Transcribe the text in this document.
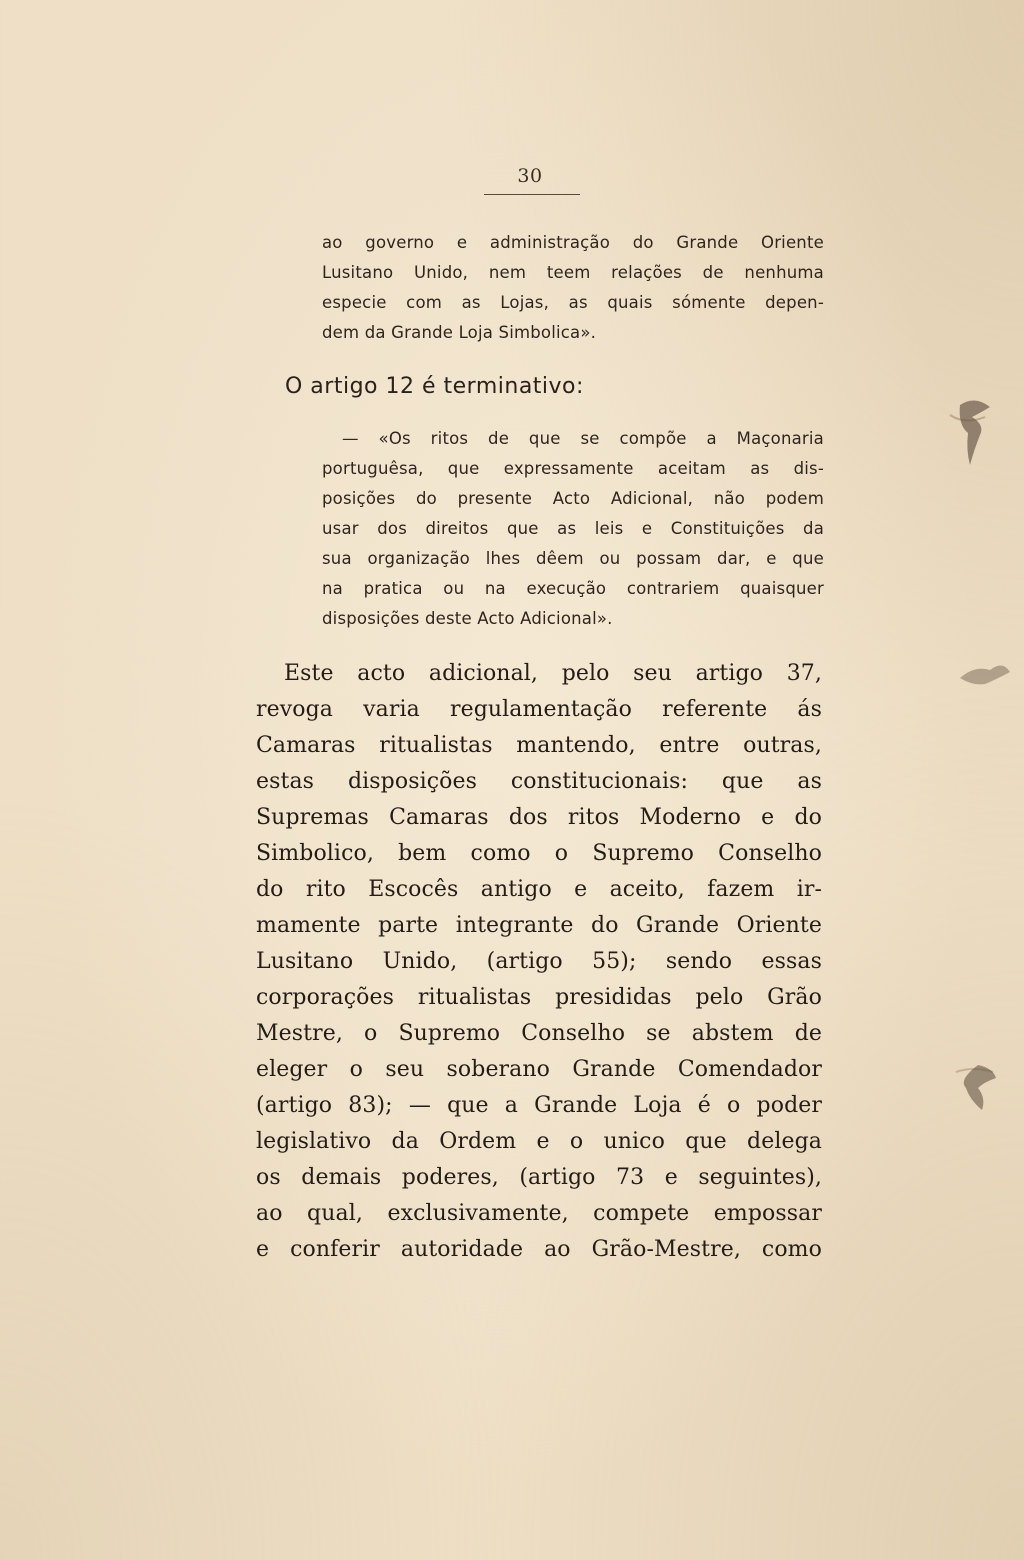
30
ao governo e administração do Grande Oriente
Lusitano Unido, nem teem relações de nenhuma
especie com as Lojas, as quais sómente depen-
dem da Grande Loja Simbolica».
O artigo 12 é terminativo:
— «Os ritos de que se compõe a Maçonaria
portuguêsa, que expressamente aceitam as dis-
posições do presente Acto Adicional, não podem
usar dos direitos que as leis e Constituições da
sua organização lhes dêem ou possam dar, e que
na pratica ou na execução contrariem quaisquer
disposições deste Acto Adicional».
Este acto adicional, pelo seu artigo 37,
revoga varia regulamentação referente ás
Camaras ritualistas mantendo, entre outras,
estas disposições constitucionais: que as
Supremas Camaras dos ritos Moderno e do
Simbolico, bem como o Supremo Conselho
do rito Escocês antigo e aceito, fazem ir-
mamente parte integrante do Grande Oriente
Lusitano Unido, (artigo 55); sendo essas
corporações ritualistas presididas pelo Grão
Mestre, o Supremo Conselho se abstem de
eleger o seu soberano Grande Comendador
(artigo 83); — que a Grande Loja é o poder
legislativo da Ordem e o unico que delega
os demais poderes, (artigo 73 e seguintes),
ao qual, exclusivamente, compete empossar
e conferir autoridade ao Grão-Mestre, como
